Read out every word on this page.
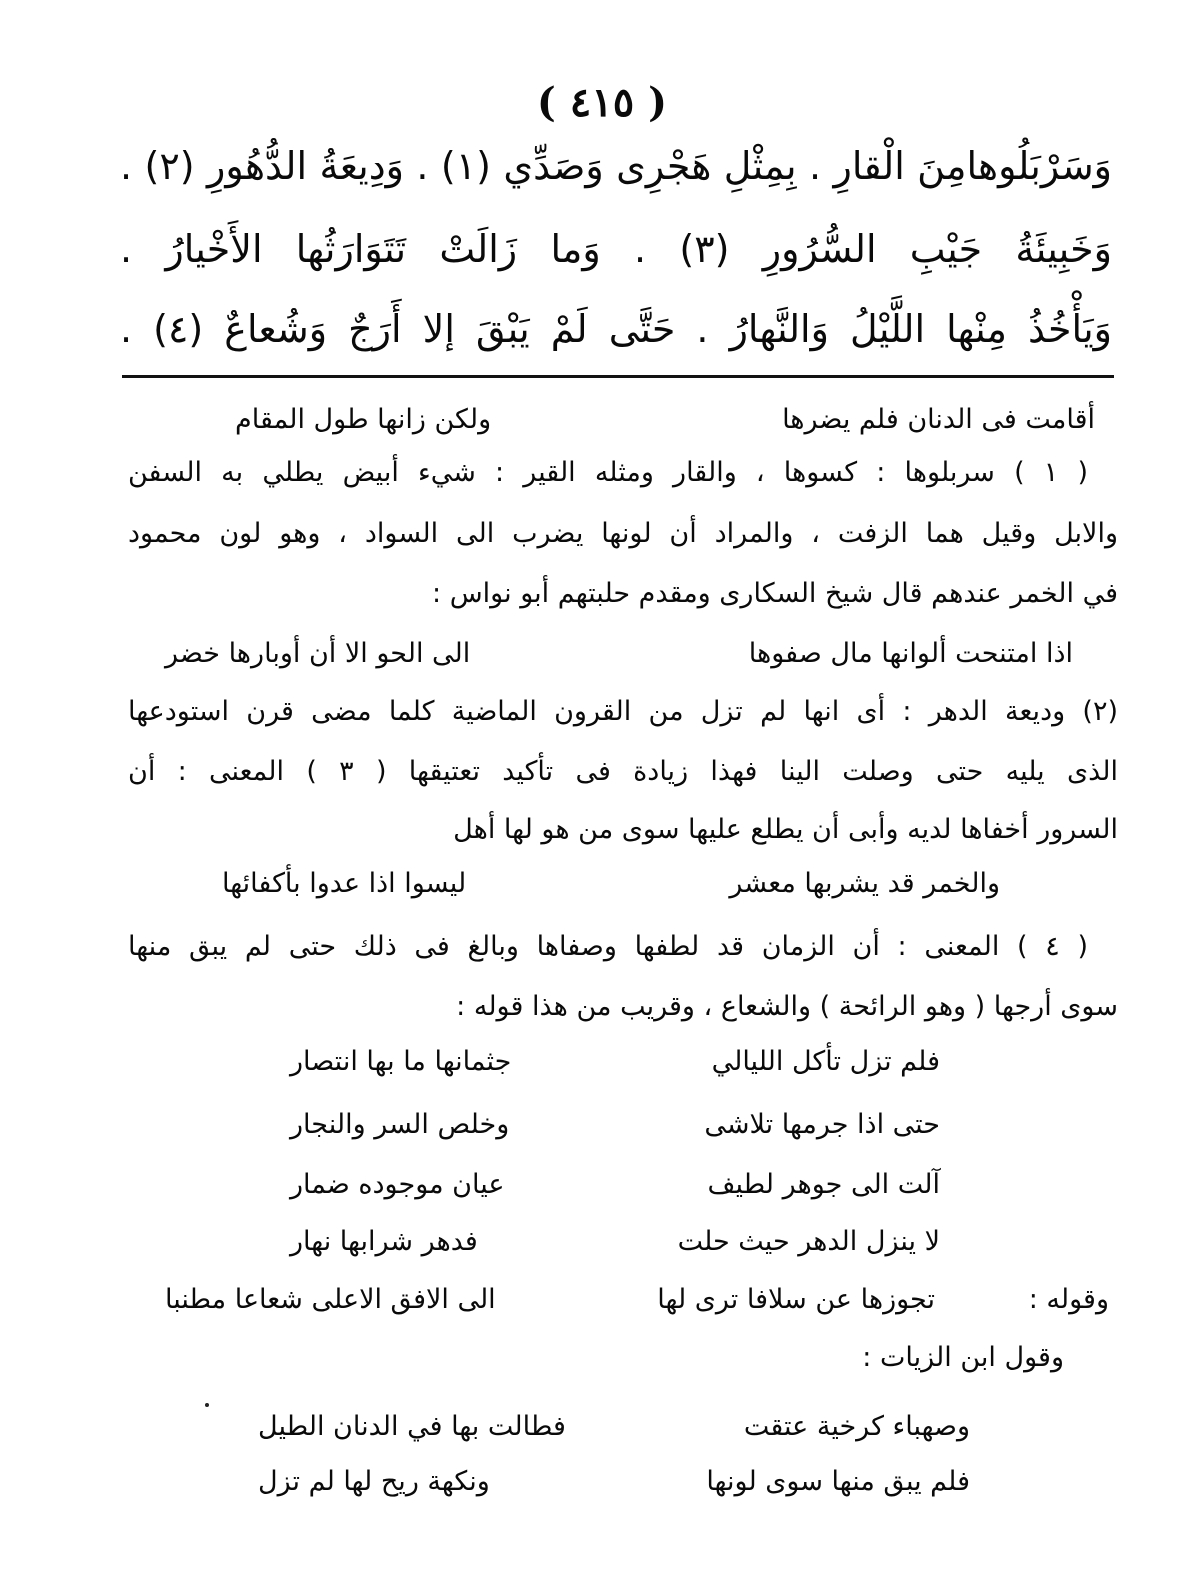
( ٤١٥ )
وَسَرْبَلُوهامِنَ الْقارِ . بِمِثْلِ هَجْرِى وَصَدِّي (١) . وَدِيعَةُ الدُّهُورِ (٢) .
وَخَبِيئَةُ جَيْبِ السُّرُورِ (٣) . وَما زَالَتْ تَتَوَارَثُها الأَخْيارُ .
وَيَأْخُذُ مِنْها اللَّيْلُ وَالنَّهارُ . حَتَّى لَمْ يَبْقَ إلا أَرَجٌ وَشُعاعٌ (٤) .
أقامت فى الدنان فلم يضرها
ولكن زانها طول المقام
( ١ ) سربلوها : كسوها ، والقار ومثله القير : شيء أبيض يطلي به السفن
والابل وقيل هما الزفت ، والمراد أن لونها يضرب الى السواد ، وهو لون محمود
في الخمر عندهم قال شيخ السكارى ومقدم حلبتهم أبو نواس :
اذا امتنحت ألوانها مال صفوها
الى الحو الا أن أوبارها خضر
(٢) وديعة الدهر : أى انها لم تزل من القرون الماضية كلما مضى قرن استودعها
الذى يليه حتى وصلت الينا فهذا زيادة فى تأكيد تعتيقها ( ٣ ) المعنى : أن
السرور أخفاها لديه وأبى أن يطلع عليها سوى من هو لها أهل
والخمر قد يشربها معشر
ليسوا اذا عدوا بأكفائها
( ٤ ) المعنى : أن الزمان قد لطفها وصفاها وبالغ فى ذلك حتى لم يبق منها
سوى أرجها ( وهو الرائحة ) والشعاع ، وقريب من هذا قوله :
فلم تزل تأكل الليالي
جثمانها ما بها انتصار
حتى اذا جرمها تلاشى
وخلص السر والنجار
آلت الى جوهر لطيف
عيان موجوده ضمار
لا ينزل الدهر حيث حلت
فدهر شرابها نهار
وقوله :
تجوزها عن سلافا ترى لها
الى الافق الاعلى شعاعا مطنبا
وقول ابن الزيات :
وصهباء كرخية عتقت
فطالت بها في الدنان الطيل
فلم يبق منها سوى لونها
ونكهة ريح لها لم تزل
